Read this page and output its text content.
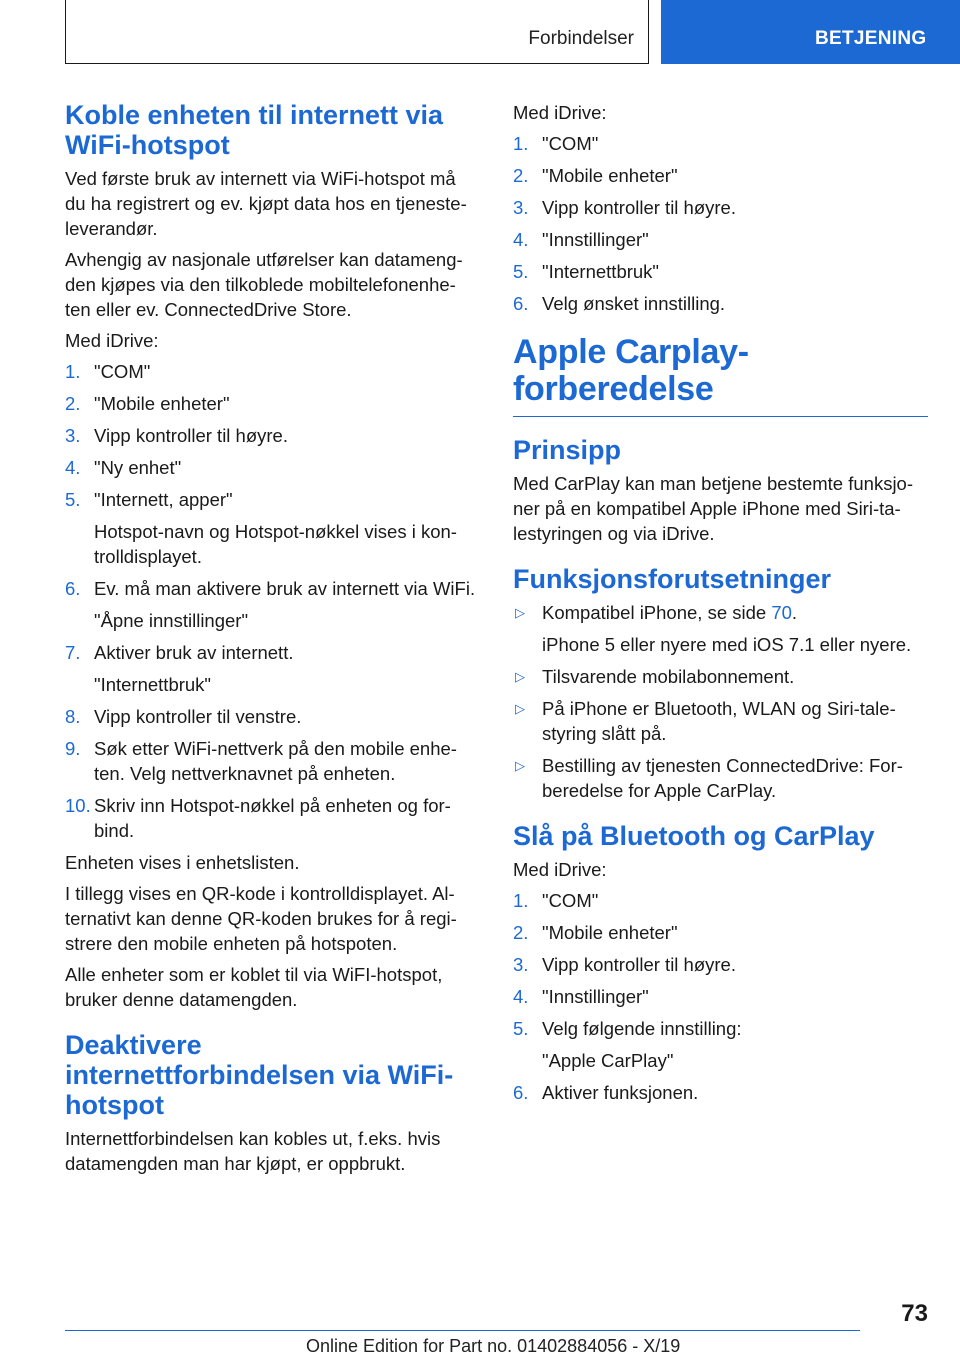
Forbindelser	BETJENING
Koble enheten til internett via WiFi-hotspot

Ved første bruk av internett via WiFi-hotspot må du ha registrert og ev. kjøpt data hos en tjeneste-leverandør.

Avhengig av nasjonale utførelser kan datameng-den kjøpes via den tilkoblede mobiltelefonenhe-ten eller ev. ConnectedDrive Store.

Med iDrive:

1. "COM"
2. "Mobile enheter"
3. Vipp kontroller til høyre.
4. "Ny enhet"
5. "Internett, apper"
Hotspot-navn og Hotspot-nøkkel vises i kon-trolldisplayet.
6. Ev. må man aktivere bruk av internett via WiFi.
"Åpne innstillinger"
7. Aktiver bruk av internett.
"Internettbruk"
8. Vipp kontroller til venstre.
9. Søk etter WiFi-nettverk på den mobile enhe-ten. Velg nettverknavnet på enheten.
10. Skriv inn Hotspot-nøkkel på enheten og for-bind.

Enheten vises i enhetslisten.

I tillegg vises en QR-kode i kontrolldisplayet. Al-ternativt kan denne QR-koden brukes for å regi-strere den mobile enheten på hotspoten.

Alle enheter som er koblet til via WiFI-hotspot, bruker denne datamengden.

Deaktivere internettforbindelsen via WiFi-hotspot

Internettforbindelsen kan kobles ut, f.eks. hvis datamengden man har kjøpt, er oppbrukt.

Med iDrive:

1. "COM"
2. "Mobile enheter"
3. Vipp kontroller til høyre.
4. "Innstillinger"
5. "Internettbruk"
6. Velg ønsket innstilling.
Apple Carplay-forberedelse
Prinsipp

Med CarPlay kan man betjene bestemte funksjo-ner på en kompatibel Apple iPhone med Siri-ta-lestyringen og via iDrive.

Funksjonsforutsetninger
▷ Kompatibel iPhone, se side 70.
iPhone 5 eller nyere med iOS 7.1 eller nyere.
▷ Tilsvarende mobilabonnement.
▷ På iPhone er Bluetooth, WLAN og Siri-tale-styring slått på.
▷ Bestilling av tjenesten ConnectedDrive: For-beredelse for Apple CarPlay.
Slå på Bluetooth og CarPlay

Med iDrive:

1. "COM"
2. "Mobile enheter"
3. Vipp kontroller til høyre.
4. "Innstillinger"
5. Velg følgende innstilling:
"Apple CarPlay"
6. Aktiver funksjonen.
73
Online Edition for Part no. 01402884056 - X/19
